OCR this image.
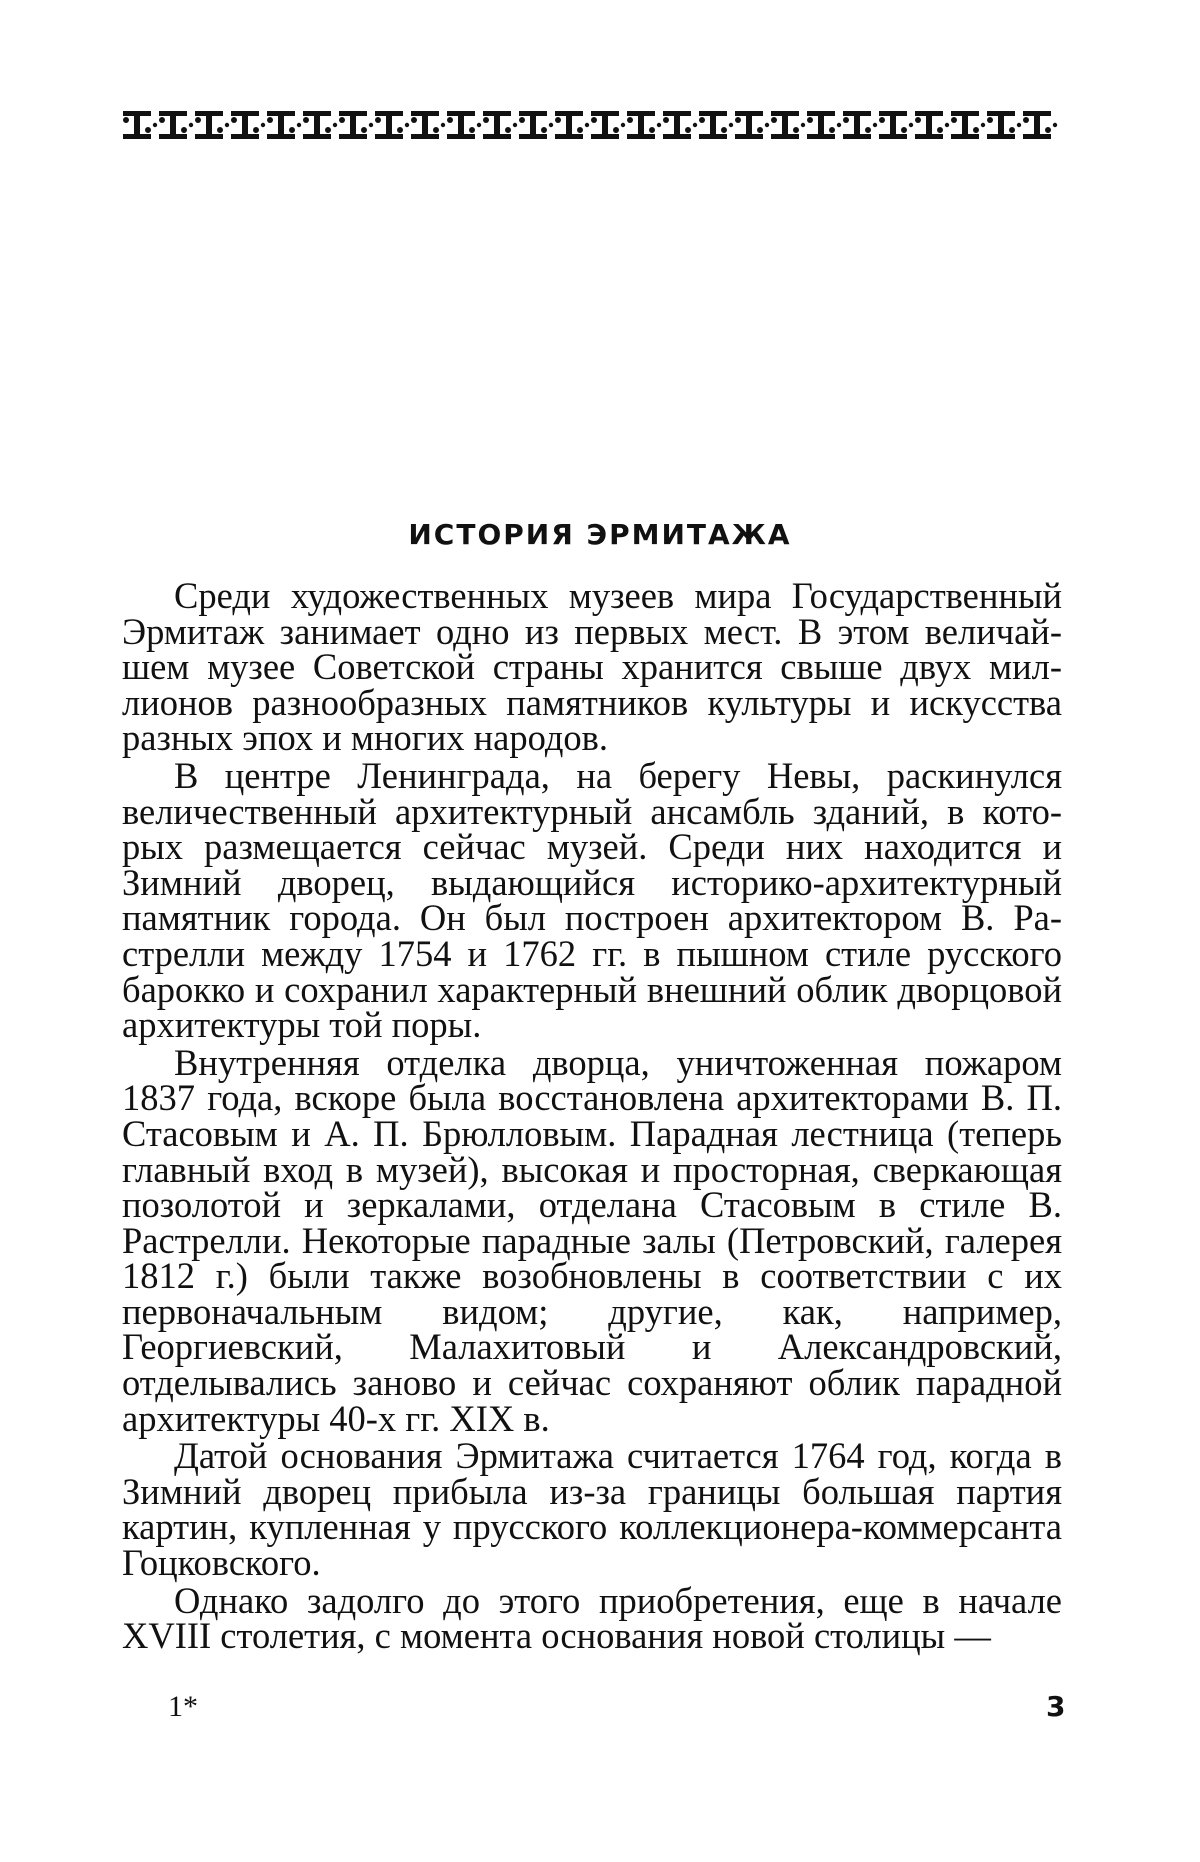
ИСТОРИЯ ЭРМИТАЖА

Среди художественных музеев мира Государственный Эрмитаж занимает одно из первых мест. В этом величайшем музее Советской страны хранится свыше двух миллионов разнообразных памятников культуры и искусства разных эпох и многих народов.

В центре Ленинграда, на берегу Невы, раскинулся величественный архитектурный ансамбль зданий, в которых размещается сейчас музей. Среди них находится и Зимний дворец, выдающийся историко-архитектурный памятник города. Он был построен архитектором В. Растрелли между 1754 и 1762 гг. в пышном стиле русского барокко и сохранил характерный внешний облик дворцовой архитектуры той поры.

Внутренняя отделка дворца, уничтоженная пожаром 1837 года, вскоре была восстановлена архитекторами В. П. Стасовым и А. П. Брюлловым. Парадная лестница (теперь главный вход в музей), высокая и просторная, сверкающая позолотой и зеркалами, отделана Стасовым в стиле В. Растрелли. Некоторые парадные залы (Петровский, галерея 1812 г.) были также возобновлены в соответствии с их первоначальным видом; другие, как, например, Георгиевский, Малахитовый и Александровский, отделывались заново и сейчас сохраняют облик парадной архитектуры 40-х гг. XIX в.

Датой основания Эрмитажа считается 1764 год, когда в Зимний дворец прибыла из-за границы большая партия картин, купленная у прусского коллекционера-коммерсанта Гоцковского.

Однако задолго до этого приобретения, еще в начале XVIII столетия, с момента основания новой столицы —

1*	3
